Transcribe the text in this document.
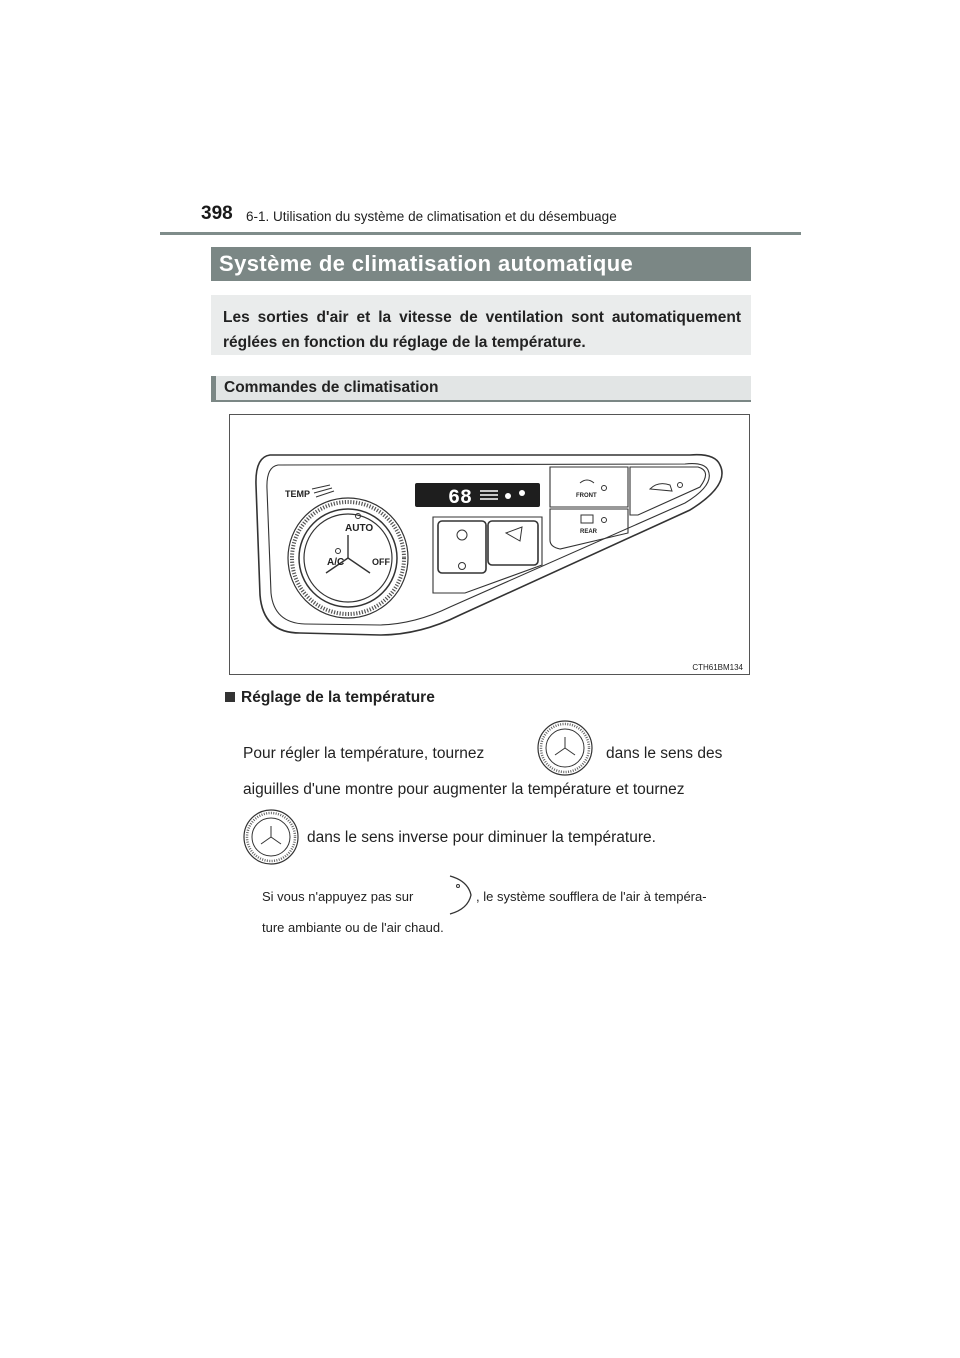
398 6-1. Utilisation du système de climatisation et du désembuage
Système de climatisation automatique
Les sorties d'air et la vitesse de ventilation sont automatiquement réglées en fonction du réglage de la température.
Commandes de climatisation
68
TEMP
AUTO
A/C	OFF
FRONT
REAR
CTH61BM134
Réglage de la température
Pour régler la température, tournez	dans le sens des
aiguilles d'une montre pour augmenter la température et tournez
dans le sens inverse pour diminuer la température.
Si vous n'appuyez pas sur	, le système soufflera de l'air à tempéra-
ture ambiante ou de l'air chaud.
